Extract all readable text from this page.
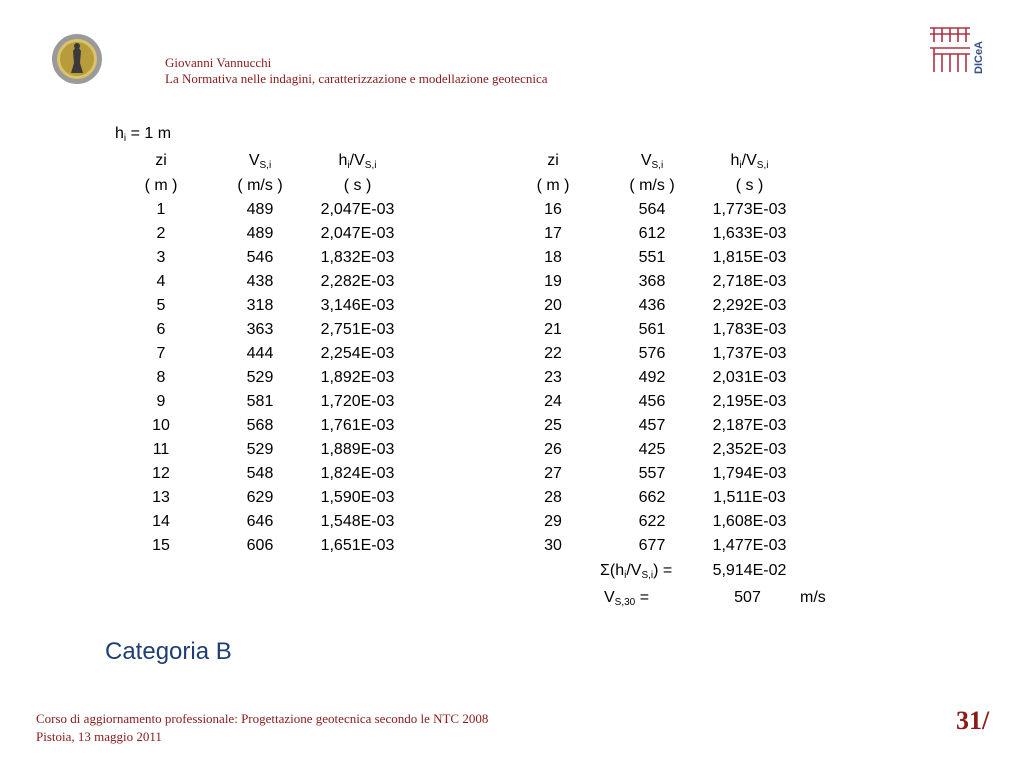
Giovanni Vannucchi
La Normativa nelle indagini, caratterizzazione e modellazione geotecnica
DICeA
$h_i = 1$ m
zi	$V_{S,i}$	$h_i/V_{S,i}$
( m )	( m/s )	( s )
zi	$V_{S,i}$	$h_i/V_{S,i}$
( m )	( m/s )	( s )
1	489	2,047E-03
2	489	2,047E-03
3	546	1,832E-03
4	438	2,282E-03
5	318	3,146E-03
6	363	2,751E-03
7	444	2,254E-03
8	529	1,892E-03
9	581	1,720E-03
10	568	1,761E-03
11	529	1,889E-03
12	548	1,824E-03
13	629	1,590E-03
14	646	1,548E-03
15	606	1,651E-03
16	564	1,773E-03
17	612	1,633E-03
18	551	1,815E-03
19	368	2,718E-03
20	436	2,292E-03
21	561	1,783E-03
22	576	1,737E-03
23	492	2,031E-03
24	456	2,195E-03
25	457	2,187E-03
26	425	2,352E-03
27	557	1,794E-03
28	662	1,511E-03
29	622	1,608E-03
30	677	1,477E-03
$\Sigma(h_i/V_{S,i})$ =	5,914E-02
$V_{S,30}$ =	507	m/s
Categoria B
Corso di aggiornamento professionale: Progettazione geotecnica secondo le NTC 2008
Pistoia, 13 maggio 2011
31/
